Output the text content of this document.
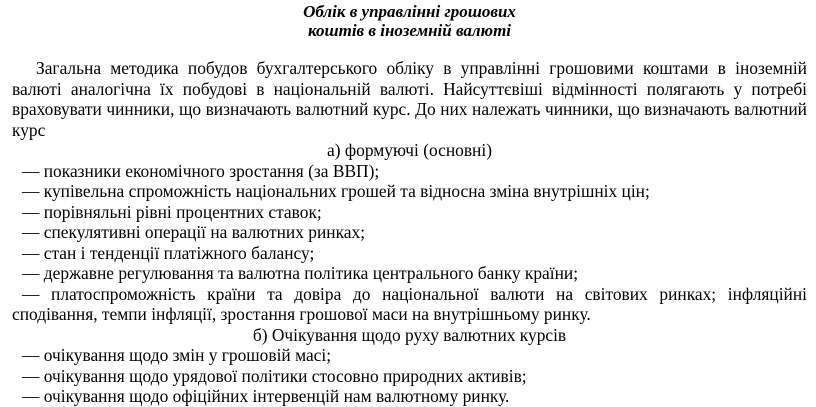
Облік в управлінні грошових

коштів в іноземній валюті

Загальна методика побудов бухгалтерського обліку в управлінні грошовими коштами в іноземній валюті аналогічна їх побудові в національній валюті. Найсуттєвіші відмінності полягають у потребі враховувати чинники, що визначають валютний курс. До них належать чинники, що визначають валютний курс

а) формуючі (основні)

— показники економічного зростання (за ВВП);

— купівельна спроможність національних грошей та відносна зміна внутрішніх цін;

— порівняльні рівні процентних ставок;

— спекулятивні операції на валютних ринках;

— стан і тенденції платіжного балансу;

— державне регулювання та валютна політика центрального банку країни;

— платоспроможність країни та довіра до національної валюти на світових ринках; інфляційні сподівання, темпи інфляції, зростання грошової маси на внутрішньому ринку.

б) Очікування щодо руху валютних курсів

— очікування щодо змін у грошовій масі;

— очікування щодо урядової політики стосовно природних активів;

— очікування щодо офіційних інтервенцій нам валютному ринку.
